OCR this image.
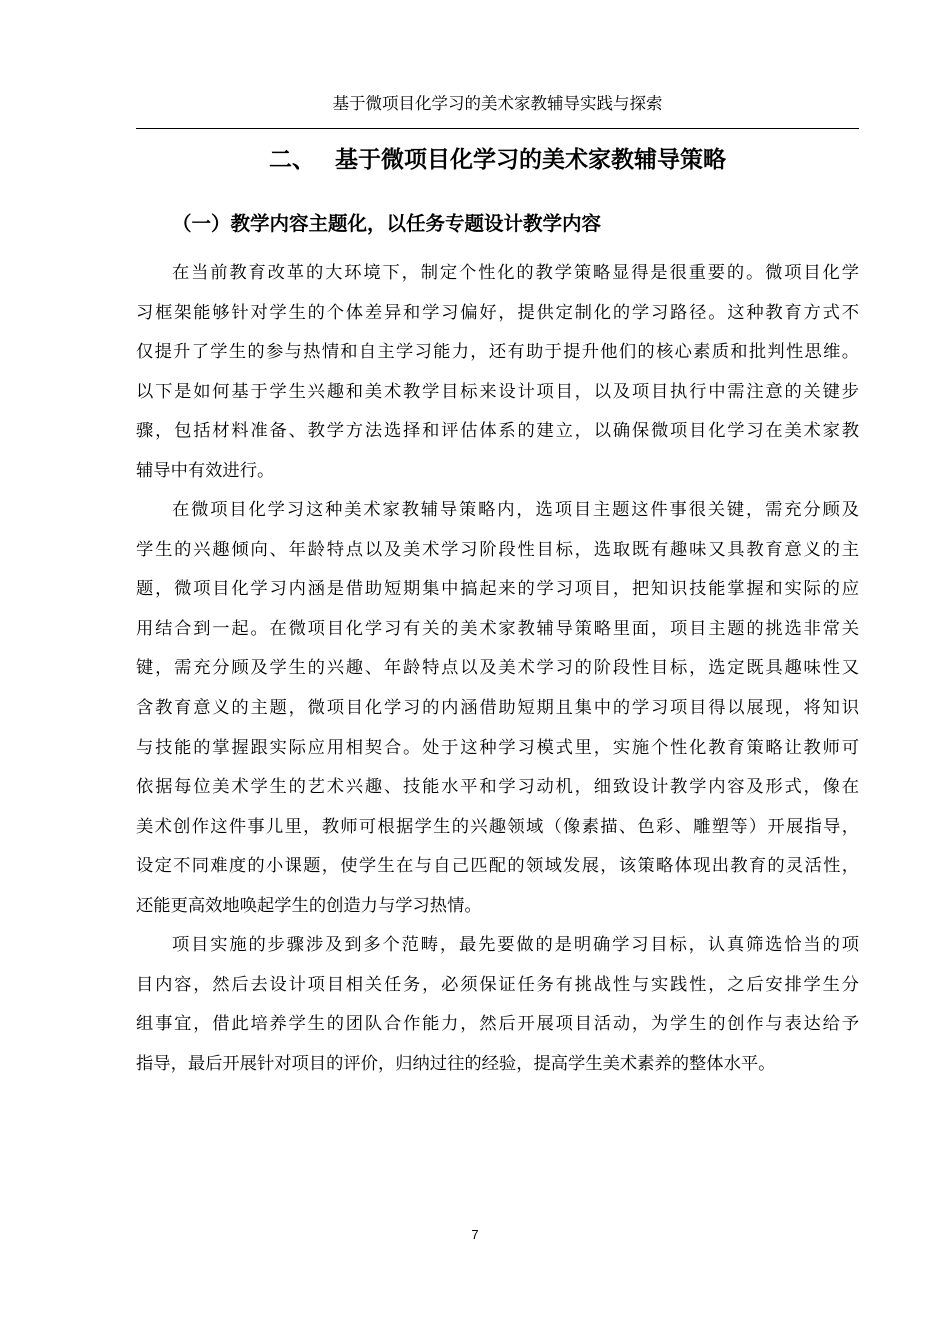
基于微项目化学习的美术家教辅导实践与探索
二、 基于微项目化学习的美术家教辅导策略
（一）教学内容主题化，以任务专题设计教学内容
在当前教育改革的大环境下，制定个性化的教学策略显得是很重要的。微项目化学
习框架能够针对学生的个体差异和学习偏好，提供定制化的学习路径。这种教育方式不
仅提升了学生的参与热情和自主学习能力，还有助于提升他们的核心素质和批判性思维。
以下是如何基于学生兴趣和美术教学目标来设计项目，以及项目执行中需注意的关键步
骤，包括材料准备、教学方法选择和评估体系的建立，以确保微项目化学习在美术家教
辅导中有效进行。
在微项目化学习这种美术家教辅导策略内，选项目主题这件事很关键，需充分顾及
学生的兴趣倾向、年龄特点以及美术学习阶段性目标，选取既有趣味又具教育意义的主
题，微项目化学习内涵是借助短期集中搞起来的学习项目，把知识技能掌握和实际的应
用结合到一起。在微项目化学习有关的美术家教辅导策略里面，项目主题的挑选非常关
键，需充分顾及学生的兴趣、年龄特点以及美术学习的阶段性目标，选定既具趣味性又
含教育意义的主题，微项目化学习的内涵借助短期且集中的学习项目得以展现，将知识
与技能的掌握跟实际应用相契合。处于这种学习模式里，实施个性化教育策略让教师可
依据每位美术学生的艺术兴趣、技能水平和学习动机，细致设计教学内容及形式，像在
美术创作这件事儿里，教师可根据学生的兴趣领域（像素描、色彩、雕塑等）开展指导，
设定不同难度的小课题，使学生在与自己匹配的领域发展，该策略体现出教育的灵活性，
还能更高效地唤起学生的创造力与学习热情。
项目实施的步骤涉及到多个范畴，最先要做的是明确学习目标，认真筛选恰当的项
目内容，然后去设计项目相关任务，必须保证任务有挑战性与实践性，之后安排学生分
组事宜，借此培养学生的团队合作能力，然后开展项目活动，为学生的创作与表达给予
指导，最后开展针对项目的评价，归纳过往的经验，提高学生美术素养的整体水平。
7
